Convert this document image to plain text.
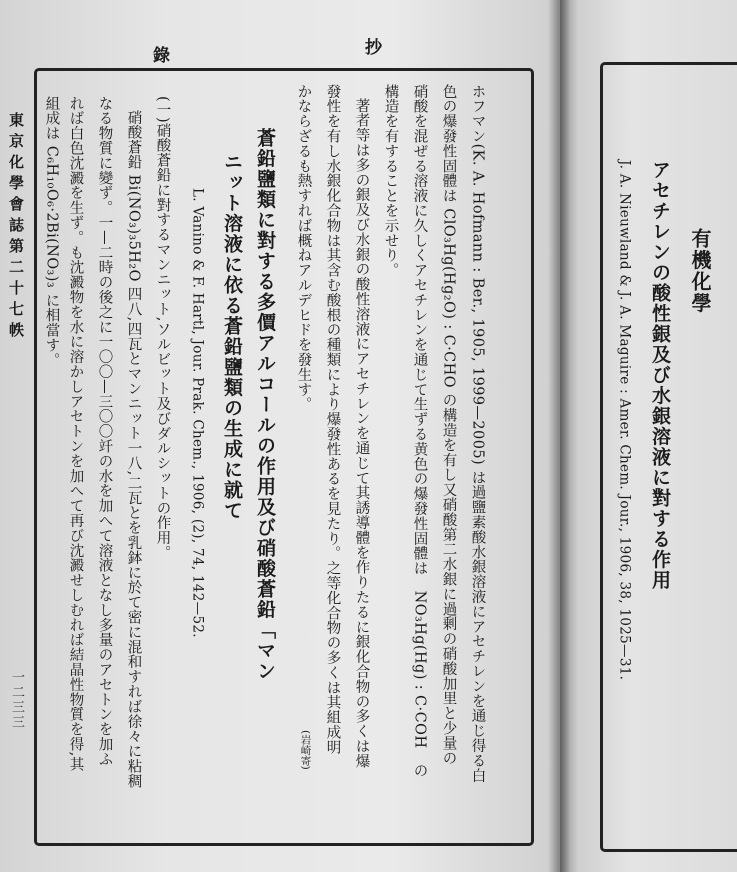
錄	抄
東京化學會誌第二十七帙
一二三三	ホフマン(K. A. Hofmann : Ber., 1905, 1999—2005) は過鹽素酸水銀溶液にアセチレンを通じ得る白
色の爆發性固體は ClO₃Hg(Hg₂O) : C·CHO の構造を有し又硝酸第二水銀に過剰の硝酸加里と少量の
硝酸を混ぜる溶液に久しくアセチレンを通じて生ずる黄色の爆發性固體は　NO₃Hg(Hg) : C·COH　の
構造を有することを示せり。
著者等は多の銀及び水銀の酸性溶液にアセチレンを通じて其誘導體を作りたるに銀化合物の多くは爆
發性を有し水銀化合物は其含む酸根の種類により爆發性あるを見たり。之等化合物の多くは其組成明
かならざるも熱すれば概ねアルデヒドを發生す。
(岩崎寄)
蒼鉛鹽類に對する多價アルコールの作用及び硝酸蒼鉛「マン
ニット溶液に依る蒼鉛鹽類の生成に就て
L. Vanino & F. Hartl, Jour. Prak. Chem., 1906, (2), 74, 142—52.
(一)硝酸蒼鉛に對するマンニット,ソルビット及びダルシットの作用。
硝酸蒼鉛 Bi(NO₃)₃5H₂O 四八,四瓦とマンニット一八,二瓦とを乳鉢に於て密に混和すれば徐々に粘稠
なる物質に變ず。一—二時の後之に一〇〇—三〇〇竏の水を加へて溶液となし多量のアセトンを加ふ
れば白色沈澱を生ず。も沈澱物を水に溶かしアセトンを加へて再び沈澱せしむれば結晶性物質を得,其
組成は C₆H₁₀O₆·2Bi(NO₃)₃ に相當す。	有機化學
アセチレンの酸性銀及び水銀溶液に對する作用
J. A. Nieuwland & J. A. Maguire : Amer. Chem. Jour., 1906, 38, 1025—31.
